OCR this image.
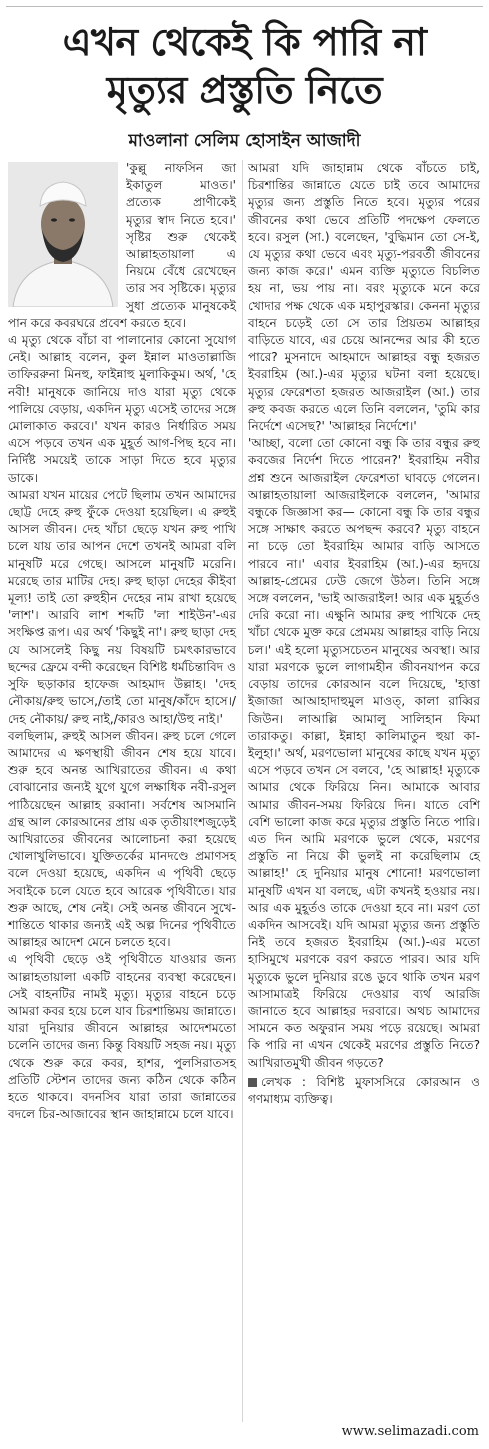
এখন থেকেই কি পারি না
মৃত্যুর প্রস্তুতি নিতে
মাওলানা সেলিম হোসাইন আজাদী

'কুল্লু নাফসিন জা ইকাতুল মাওত।' প্রত্যেক প্রাণীকেই মৃত্যুর স্বাদ নিতে হবে।' সৃষ্টির শুরু থেকেই আল্লাহতায়ালা এ নিয়মে বেঁধে রেখেছেন তার সব সৃষ্টিকে। মৃত্যুর সুধা প্রত্যেক মানুষকেই পান করে কবরঘরে প্রবেশ করতে হবে।

এ মৃত্যু থেকে বাঁচা বা পালানোর কোনো সুযোগ নেই। আল্লাহ বলেন, কুল ইন্নাল মাওতাল্লাজি তাফিররুনা মিনহু, ফাইন্নাহু মুলাকিকুম। অর্থ, 'হে নবী! মানুষকে জানিয়ে দাও যারা মৃত্যু থেকে পালিয়ে বেড়ায়, একদিন মৃত্যু এসেই তাদের সঙ্গে মোলাকাত করবে।' যখন কারও নির্ধারিত সময় এসে পড়বে তখন এক মুহূর্ত আগ-পিছ হবে না। নির্দিষ্ট সময়েই তাকে সাড়া দিতে হবে মৃত্যুর ডাকে।

আমরা যখন মায়ের পেটে ছিলাম তখন আমাদের ছোট্ট দেহে রুহু ফুঁকে দেওয়া হয়েছিল। এ রুহুই আসল জীবন। দেহ খাঁচা ছেড়ে যখন রুহু পাখি চলে যায় তার আপন দেশে তখনই আমরা বলি মানুষটি মরে গেছে। আসলে মানুষটি মরেনি। মরেছে তার মাটির দেহ। রুহু ছাড়া দেহের কীইবা মূল্য! তাই তো রুহুহীন দেহের নাম রাখা হয়েছে 'লাশ'। আরবি লাশ শব্দটি 'লা শাইউন'-এর সংক্ষিপ্ত রূপ। এর অর্থ 'কিছুই না'। রুহু ছাড়া দেহ যে আসলেই কিছু নয় বিষয়টি চমৎকারভাবে ছন্দের ফ্রেমে বন্দী করেছেন বিশিষ্ট ধর্মচিন্তাবিদ ও সুফি ছড়াকার হাফেজ আহমাদ উল্লাহ। 'দেহ নৌকায়/রুহু ভাসে,/তাই তো মানুষ/কাঁদে হাসে।/দেহ নৌকায়/ রুহু নাই,/কারও আহা/উহু নাই।'

বলছিলাম, রুহুই আসল জীবন। রুহু চলে গেলে আমাদের এ ক্ষণস্থায়ী জীবন শেষ হয়ে যাবে। শুরু হবে অনন্ত আখিরাতের জীবন। এ কথা বোঝানোর জন্যই যুগে যুগে লক্ষাধিক নবী-রসুল পাঠিয়েছেন আল্লাহ রব্বানা। সর্বশেষ আসমানি গ্রন্থ আল কোরআনের প্রায় এক তৃতীয়াংশজুড়েই আখিরাতের জীবনের আলোচনা করা হয়েছে খোলাখুলিভাবে। যুক্তিতর্কের মানদণ্ডে প্রমাণসহ বলে দেওয়া হয়েছে, একদিন এ পৃথিবী ছেড়ে সবাইকে চলে যেতে হবে আরেক পৃথিবীতে। যার শুরু আছে, শেষ নেই। সেই অনন্ত জীবনে সুখে-শান্তিতে থাকার জন্যই এই অল্প দিনের পৃথিবীতে আল্লাহর আদেশ মেনে চলতে হবে।

এ পৃথিবী ছেড়ে ওই পৃথিবীতে যাওয়ার জন্য আল্লাহতায়ালা একটি বাহনের ব্যবস্থা করেছেন। সেই বাহনটির নামই মৃত্যু। মৃত্যুর বাহনে চড়ে আমরা কবর হয়ে চলে যাব চিরশান্তিময় জান্নাতে। যারা দুনিয়ার জীবনে আল্লাহর আদেশমতো চলেনি তাদের জন্য কিন্তু বিষয়টি সহজ নয়। মৃত্যু থেকে শুরু করে কবর, হাশর, পুলসিরাতসহ প্রতিটি স্টেশন তাদের জন্য কঠিন থেকে কঠিন হতে থাকবে। বদনসিব যারা তারা জান্নাতের বদলে চির-আজাবের স্থান জাহান্নামে চলে যাবে।

আমরা যদি জাহান্নাম থেকে বাঁচতে চাই, চিরশান্তির জান্নাতে যেতে চাই তবে আমাদের মৃত্যুর জন্য প্রস্তুতি নিতে হবে। মৃত্যুর পরের জীবনের কথা ভেবে প্রতিটি পদক্ষেপ ফেলতে হবে। রসুল (সা.) বলেছেন, 'বুদ্ধিমান তো সে-ই, যে মৃত্যুর কথা ভেবে এবং মৃত্যু-পরবর্তী জীবনের জন্য কাজ করে।' এমন ব্যক্তি মৃত্যুতে বিচলিত হয় না, ভয় পায় না। বরং মৃত্যুকে মনে করে খোদার পক্ষ থেকে এক মহাপুরস্কার। কেননা মৃত্যুর বাহনে চড়েই তো সে তার প্রিয়তম আল্লাহর বাড়িতে যাবে, এর চেয়ে আনন্দের আর কী হতে পারে? মুসনাদে আহমাদে আল্লাহর বন্ধু হজরত ইবরাহিম (আ.)-এর মৃত্যুর ঘটনা বলা হয়েছে। মৃত্যুর ফেরেশতা হজরত আজরাইল (আ.) তার রুহু কবজ করতে এলে তিনি বললেন, 'তুমি কার নির্দেশে এসেছ?' 'আল্লাহর নির্দেশে।'

'আচ্ছা, বলো তো কোনো বন্ধু কি তার বন্ধুর রুহু কবজের নির্দেশ দিতে পারেন?' ইবরাহিম নবীর প্রশ্ন শুনে আজরাইল ফেরেশতা ঘাবড়ে গেলেন। আল্লাহতায়ালা আজরাইলকে বললেন, 'আমার বন্ধুকে জিজ্ঞাসা কর— কোনো বন্ধু কি তার বন্ধুর সঙ্গে সাক্ষাৎ করতে অপছন্দ করবে? মৃত্যু বাহনে না চড়ে তো ইবরাহিম আমার বাড়ি আসতে পারবে না।' এবার ইবরাহিম (আ.)-এর হৃদয়ে আল্লাহ-প্রেমের ঢেউ জেগে উঠল। তিনি সঙ্গে সঙ্গে বললেন, 'ভাই আজরাইল! আর এক মুহূর্তও দেরি করো না। এক্ষুনি আমার রুহু পাখিকে দেহ খাঁচা থেকে মুক্ত করে প্রেমময় আল্লাহর বাড়ি নিয়ে চল।' এই হলো মৃত্যুসচেতন মানুষের অবস্থা। আর যারা মরণকে ভুলে লাগামহীন জীবনযাপন করে বেড়ায় তাদের কোরআন বলে দিয়েছে, 'হাত্তা ইজাজা আআহাদাহুমুল মাওত্, কালা রাব্বির জিউন। লাআল্লি আমালু সালিহান ফিমা তারাকতু। কাল্লা, ইন্নাহা কালিমাতুন হুয়া কা-ইলুহা।' অর্থ, মরণভোলা মানুষের কাছে যখন মৃত্যু এসে পড়বে তখন সে বলবে, 'হে আল্লাহ! মৃত্যুকে আমার থেকে ফিরিয়ে নিন। আমাকে আবার আমার জীবন-সময় ফিরিয়ে দিন। যাতে বেশি বেশি ভালো কাজ করে মৃত্যুর প্রস্তুতি নিতে পারি। এত দিন আমি মরণকে ভুলে থেকে, মরণের প্রস্তুতি না নিয়ে কী ভুলই না করেছিলাম হে আল্লাহ!' হে দুনিয়ার মানুষ শোনো! মরণভোলা মানুষটি এখন যা বলছে, এটা কখনই হওয়ার নয়। আর এক মুহূর্তও তাকে দেওয়া হবে না। মরণ তো একদিন আসবেই। যদি আমরা মৃত্যুর জন্য প্রস্তুতি নিই তবে হজরত ইবরাহিম (আ.)-এর মতো হাসিমুখে মরণকে বরণ করতে পারব। আর যদি মৃত্যুকে ভুলে দুনিয়ার রঙে ডুবে থাকি তখন মরণ আসামাত্রই ফিরিয়ে দেওয়ার ব্যর্থ আরজি জানাতে হবে আল্লাহর দরবারে। অথচ আমাদের সামনে কত অফুরান সময় পড়ে রয়েছে। আমরা কি পারি না এখন থেকেই মরণের প্রস্তুতি নিতে? আখিরাতমুখী জীবন গড়তে?

লেখক : বিশিষ্ট মুফাসসিরে কোরআন ও গণমাধ্যম ব্যক্তিত্ব।

www.selimazadi.com
